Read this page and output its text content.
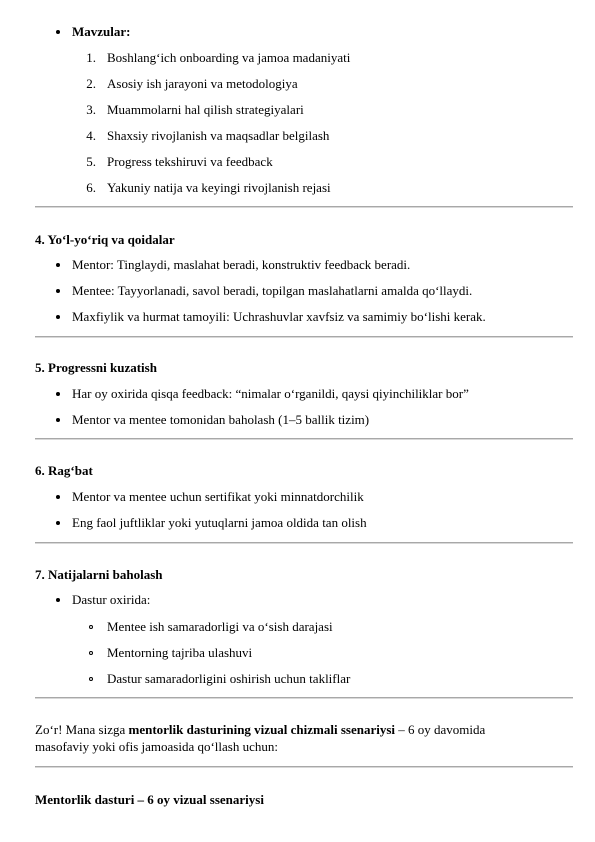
Mavzular:
1. Boshlang‘ich onboarding va jamoa madaniyati
2. Asosiy ish jarayoni va metodologiya
3. Muammolarni hal qilish strategiyalari
4. Shaxsiy rivojlanish va maqsadlar belgilash
5. Progress tekshiruvi va feedback
6. Yakuniy natija va keyingi rivojlanish rejasi
4. Yo‘l-yo‘riq va qoidalar
Mentor: Tinglaydi, maslahat beradi, konstruktiv feedback beradi.
Mentee: Tayyorlanadi, savol beradi, topilgan maslahatlarni amalda qo‘llaydi.
Maxfiylik va hurmat tamoyili: Uchrashuvlar xavfsiz va samimiy bo‘lishi kerak.
5. Progressni kuzatish
Har oy oxirida qisqa feedback: “nimalar o‘rganildi, qaysi qiyinchiliklar bor”
Mentor va mentee tomonidan baholash (1–5 ballik tizim)
6. Rag‘bat
Mentor va mentee uchun sertifikat yoki minnatdorchilik
Eng faol juftliklar yoki yutuqlarni jamoa oldida tan olish
7. Natijalarni baholash
Dastur oxirida:
Mentee ish samaradorligi va o‘sish darajasi
Mentorning tajriba ulashuvi
Dastur samaradorligini oshirish uchun takliflar
Zo‘r! Mana sizga mentorlik dasturining vizual chizmali ssenariysi – 6 oy davomida
masofaviy yoki ofis jamoasida qo‘llash uchun:
Mentorlik dasturi – 6 oy vizual ssenariysi
